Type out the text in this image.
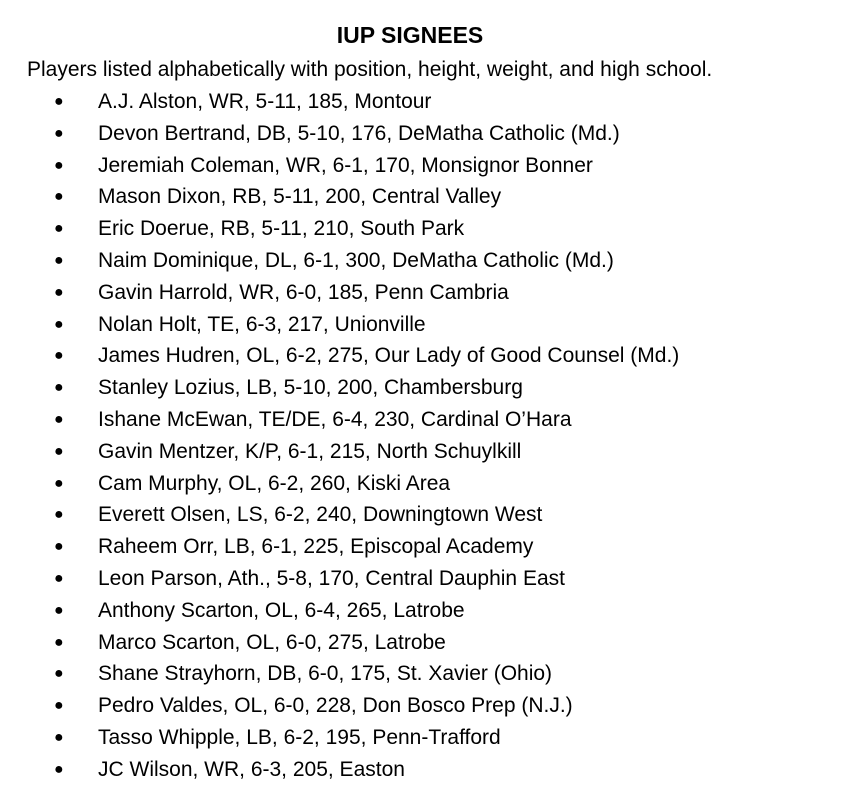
IUP SIGNEES

Players listed alphabetically with position, height, weight, and high school.

● A.J. Alston, WR, 5-11, 185, Montour
● Devon Bertrand, DB, 5-10, 176, DeMatha Catholic (Md.)
● Jeremiah Coleman, WR, 6-1, 170, Monsignor Bonner
● Mason Dixon, RB, 5-11, 200, Central Valley
● Eric Doerue, RB, 5-11, 210, South Park
● Naim Dominique, DL, 6-1, 300, DeMatha Catholic (Md.)
● Gavin Harrold, WR, 6-0, 185, Penn Cambria
● Nolan Holt, TE, 6-3, 217, Unionville
● James Hudren, OL, 6-2, 275, Our Lady of Good Counsel (Md.)
● Stanley Lozius, LB, 5-10, 200, Chambersburg
● Ishane McEwan, TE/DE, 6-4, 230, Cardinal O’Hara
● Gavin Mentzer, K/P, 6-1, 215, North Schuylkill
● Cam Murphy, OL, 6-2, 260, Kiski Area
● Everett Olsen, LS, 6-2, 240, Downingtown West
● Raheem Orr, LB, 6-1, 225, Episcopal Academy
● Leon Parson, Ath., 5-8, 170, Central Dauphin East
● Anthony Scarton, OL, 6-4, 265, Latrobe
● Marco Scarton, OL, 6-0, 275, Latrobe
● Shane Strayhorn, DB, 6-0, 175, St. Xavier (Ohio)
● Pedro Valdes, OL, 6-0, 228, Don Bosco Prep (N.J.)
● Tasso Whipple, LB, 6-2, 195, Penn-Trafford
● JC Wilson, WR, 6-3, 205, Easton
